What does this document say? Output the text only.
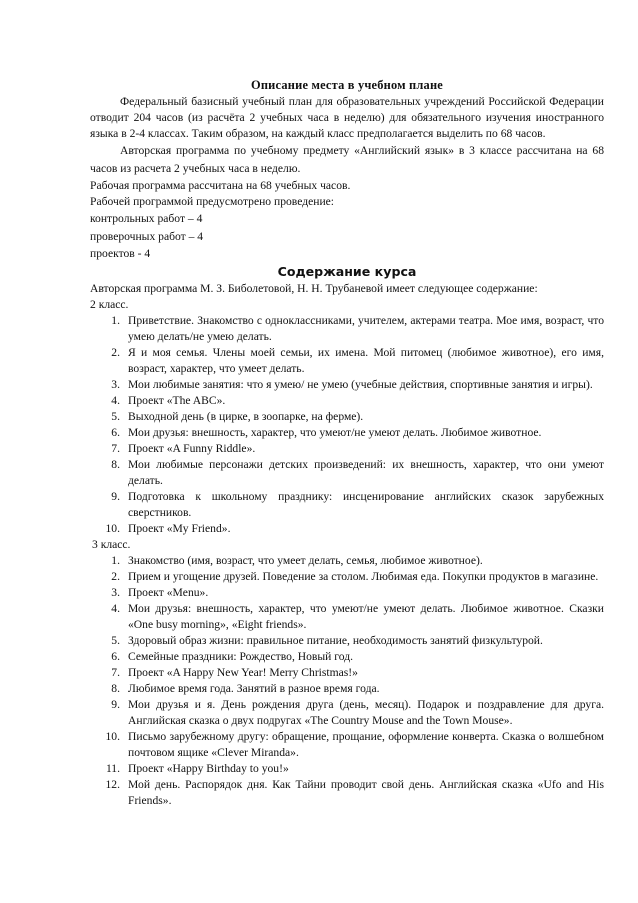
Описание места в учебном плане

Федеральный базисный учебный план для образовательных учреждений Российской Федерации отводит 204 часов (из расчёта 2 учебных часа в неделю) для обязательного изучения иностранного языка в 2-4 классах. Таким образом, на каждый класс предполагается выделить по 68 часов.

Авторская программа по учебному предмету «Английский язык» в 3 классе рассчитана на 68 часов из расчета 2 учебных часа в неделю.

Рабочая программа рассчитана на 68 учебных часов.

Рабочей программой предусмотрено проведение:

контрольных работ – 4

проверочных работ – 4

проектов - 4

Содержание курса

Авторская программа М. З. Биболетовой, Н. Н. Трубаневой имеет следующее содержание:

2 класс.

1. Приветствие. Знакомство с одноклассниками, учителем, актерами театра. Мое имя, возраст, что умею делать/не умею делать.
2. Я и моя семья. Члены моей семьи, их имена. Мой питомец (любимое животное), его имя, возраст, характер, что умеет делать.
3. Мои любимые занятия: что я умею/ не умею (учебные действия, спортивные занятия и игры).
4. Проект «The ABC».
5. Выходной день (в цирке, в зоопарке, на ферме).
6. Мои друзья: внешность, характер, что умеют/не умеют делать. Любимое животное.
7. Проект «A Funny Riddle».
8. Мои любимые персонажи детских произведений: их внешность, характер, что они умеют делать.
9. Подготовка к школьному празднику: инсценирование английских сказок зарубежных сверстников.
10. Проект «My Friend».

3 класс.

1. Знакомство (имя, возраст, что умеет делать, семья, любимое животное).
2. Прием и угощение друзей. Поведение за столом. Любимая еда. Покупки продуктов в магазине.
3. Проект «Menu».
4. Мои друзья: внешность, характер, что умеют/не умеют делать. Любимое животное. Сказки «One busy morning», «Eight friends».
5. Здоровый образ жизни: правильное питание, необходимость занятий физкультурой.
6. Семейные праздники: Рождество, Новый год.
7. Проект «A Happy New Year! Merry Christmas!»
8. Любимое время года. Занятий в разное время года.
9. Мои друзья и я. День рождения друга (день, месяц). Подарок и поздравление для друга. Английская сказка о двух подругах «The Country Mouse and the Town Mouse».
10. Письмо зарубежному другу: обращение, прощание, оформление конверта. Сказка о волшебном почтовом ящике «Clever Miranda».
11. Проект «Happy Birthday to you!»
12. Мой день. Распорядок дня. Как Тайни проводит свой день. Английская сказка «Ufo and His Friends».
